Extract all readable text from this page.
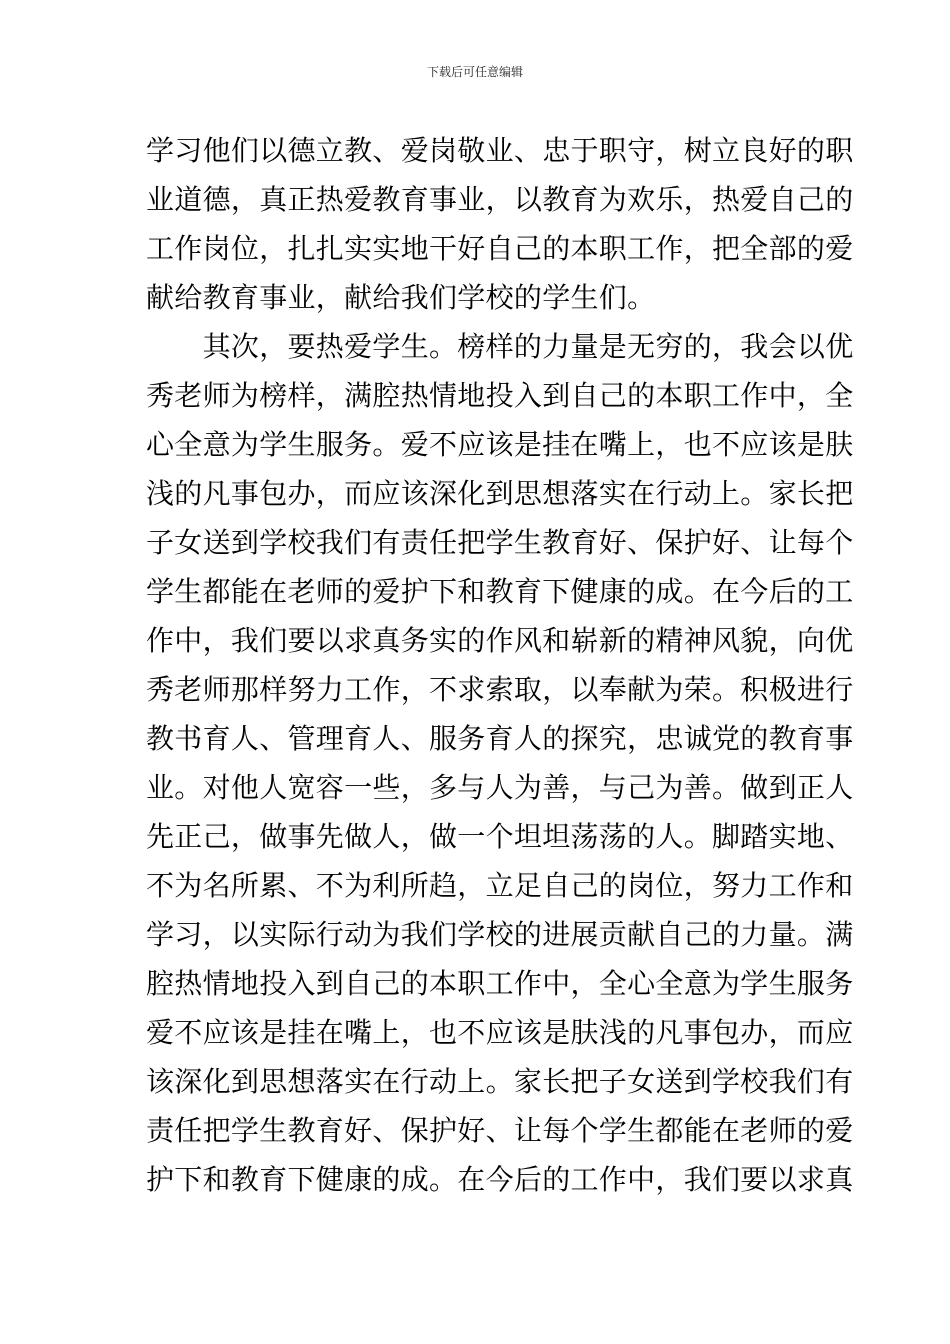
下载后可任意编辑
学习他们以德立教、爱岗敬业、忠于职守，树立良好的职
业道德，真正热爱教育事业，以教育为欢乐，热爱自己的
工作岗位，扎扎实实地干好自己的本职工作，把全部的爱
献给教育事业，献给我们学校的学生们。
　　其次，要热爱学生。榜样的力量是无穷的，我会以优
秀老师为榜样，满腔热情地投入到自己的本职工作中，全
心全意为学生服务。爱不应该是挂在嘴上，也不应该是肤
浅的凡事包办，而应该深化到思想落实在行动上。家长把
子女送到学校我们有责任把学生教育好、保护好、让每个
学生都能在老师的爱护下和教育下健康的成。在今后的工
作中，我们要以求真务实的作风和崭新的精神风貌，向优
秀老师那样努力工作，不求索取，以奉献为荣。积极进行
教书育人、管理育人、服务育人的探究，忠诚党的教育事
业。对他人宽容一些，多与人为善，与己为善。做到正人
先正己，做事先做人，做一个坦坦荡荡的人。脚踏实地、
不为名所累、不为利所趋，立足自己的岗位，努力工作和
学习，以实际行动为我们学校的进展贡献自己的力量。满
腔热情地投入到自己的本职工作中，全心全意为学生服务
爱不应该是挂在嘴上，也不应该是肤浅的凡事包办，而应
该深化到思想落实在行动上。家长把子女送到学校我们有
责任把学生教育好、保护好、让每个学生都能在老师的爱
护下和教育下健康的成。在今后的工作中，我们要以求真
